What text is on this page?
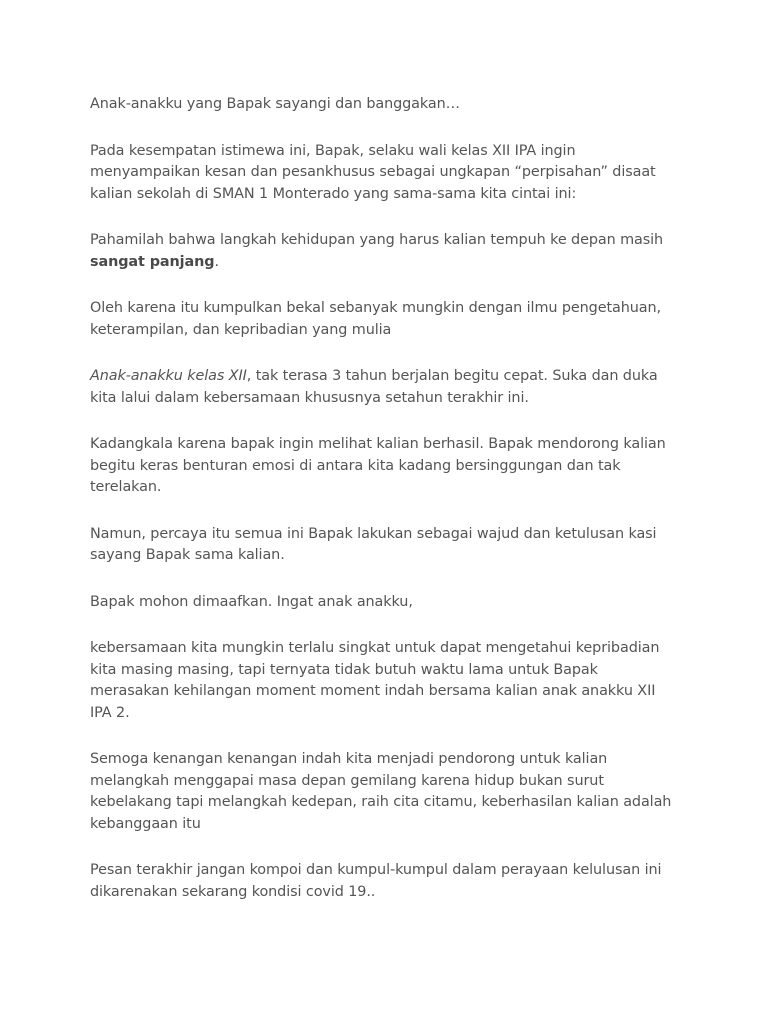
Anak-anakku yang Bapak sayangi dan banggakan…

Pada kesempatan istimewa ini, Bapak, selaku wali kelas XII IPA ingin menyampaikan kesan dan pesankhusus sebagai ungkapan “perpisahan” disaat kalian sekolah di SMAN 1 Monterado yang sama-sama kita cintai ini:

Pahamilah bahwa langkah kehidupan yang harus kalian tempuh ke depan masih sangat panjang.

Oleh karena itu kumpulkan bekal sebanyak mungkin dengan ilmu pengetahuan, keterampilan, dan kepribadian yang mulia

Anak-anakku kelas XII, tak terasa 3 tahun berjalan begitu cepat. Suka dan duka kita lalui dalam kebersamaan khususnya setahun terakhir ini.

Kadangkala karena bapak ingin melihat kalian berhasil. Bapak mendorong kalian begitu keras benturan emosi di antara kita kadang bersinggungan dan tak terelakan.

Namun, percaya itu semua ini Bapak lakukan sebagai wajud dan ketulusan kasi sayang Bapak sama kalian.

Bapak mohon dimaafkan. Ingat anak anakku,

kebersamaan kita mungkin terlalu singkat untuk dapat mengetahui kepribadian kita masing masing, tapi ternyata tidak butuh waktu lama untuk Bapak merasakan kehilangan moment moment indah bersama kalian anak anakku XII IPA 2.

Semoga kenangan kenangan indah kita menjadi pendorong untuk kalian melangkah menggapai masa depan gemilang karena hidup bukan surut kebelakang tapi melangkah kedepan, raih cita citamu, keberhasilan kalian adalah kebanggaan itu

Pesan terakhir jangan kompoi dan kumpul-kumpul dalam perayaan kelulusan ini dikarenakan sekarang kondisi covid 19..
